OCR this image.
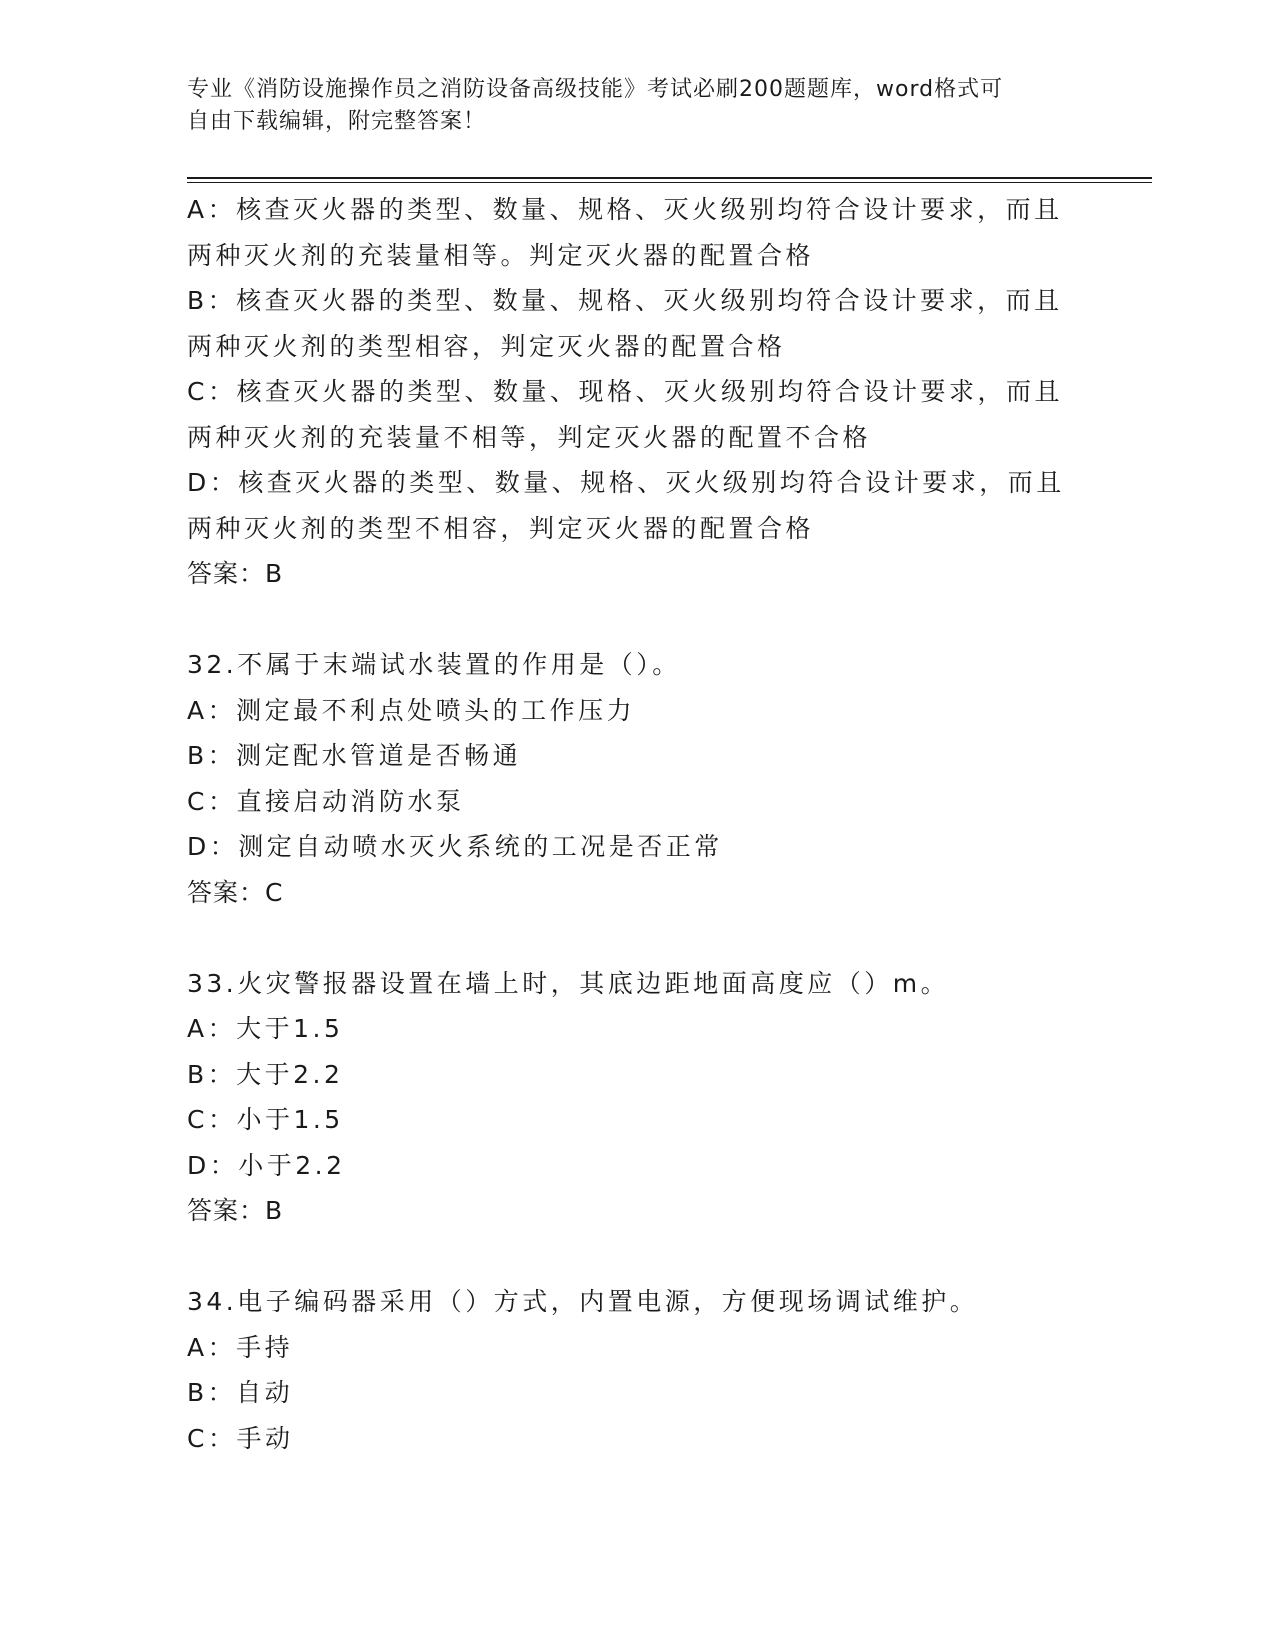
专业《消防设施操作员之消防设备高级技能》考试必刷200题题库，word格式可
自由下载编辑，附完整答案！
A：核查灭火器的类型、数量、规格、灭火级别均符合设计要求，而且
两种灭火剂的充装量相等。判定灭火器的配置合格
B：核查灭火器的类型、数量、规格、灭火级别均符合设计要求，而且
两种灭火剂的类型相容，判定灭火器的配置合格
C：核查灭火器的类型、数量、现格、灭火级别均符合设计要求，而且
两种灭火剂的充装量不相等，判定灭火器的配置不合格
D：核查灭火器的类型、数量、规格、灭火级别均符合设计要求，而且
两种灭火剂的类型不相容，判定灭火器的配置合格
答案：B
32.不属于末端试水装置的作用是（）。
A：测定最不利点处喷头的工作压力
B：测定配水管道是否畅通
C：直接启动消防水泵
D：测定自动喷水灭火系统的工况是否正常
答案：C
33.火灾警报器设置在墙上时，其底边距地面高度应（）m。
A：大于1.5
B：大于2.2
C：小于1.5
D：小于2.2
答案：B
34.电子编码器采用（）方式，内置电源，方便现场调试维护。
A：手持
B：自动
C：手动
